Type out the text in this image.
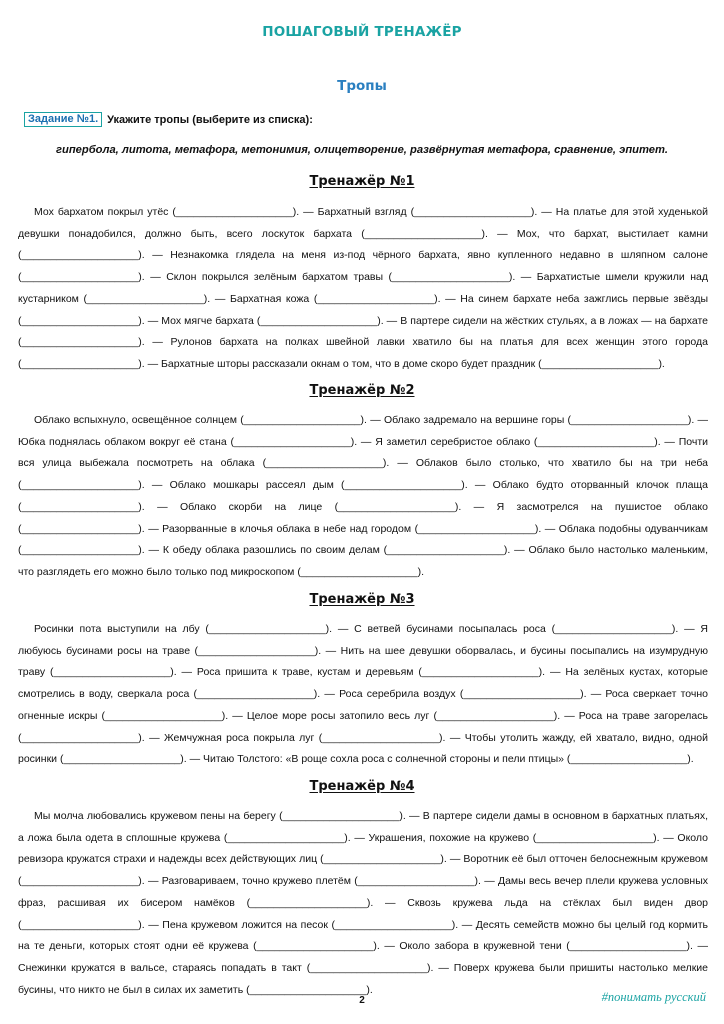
ПОШАГОВЫЙ ТРЕНАЖЁР
Тропы
Задание №1. Укажите тропы (выберите из списка):
гипербола, литота, метафора, метонимия, олицетворение, развёрнутая метафора, сравнение, эпитет.
Тренажёр №1

Мох бархатом покрыл утёс (____________________). — Бархатный взгляд (____________________). — На платье для этой худенькой девушки понадобился, должно быть, всего лоскуток бархата (____________________). — Мох, что бархат, выстилает камни (____________________). — Незнакомка глядела на меня из-под чёрного бархата, явно купленного недавно в шляпном салоне (____________________). — Склон покрылся зелёным бархатом травы (____________________). — Бархатистые шмели кружили над кустарником (____________________). — Бархатная кожа (____________________). — На синем бархате неба зажглись первые звёзды (____________________). — Мох мягче бархата (____________________). — В партере сидели на жёстких стульях, а в ложах — на бархате (____________________). — Рулонов бархата на полках швейной лавки хватило бы на платья для всех женщин этого города (____________________). — Бархатные шторы рассказали окнам о том, что в доме скоро будет праздник (____________________).

Тренажёр №2

Облако вспыхнуло, освещённое солнцем (____________________). — Облако задремало на вершине горы (____________________). — Юбка поднялась облаком вокруг её стана (____________________). — Я заметил серебристое облако (____________________). — Почти вся улица выбежала посмотреть на облака (____________________). — Облаков было столько, что хватило бы на три неба (____________________). — Облако мошкары рассеял дым (____________________). — Облако будто оторванный клочок плаща (____________________). — Облако скорби на лице (____________________). — Я засмотрелся на пушистое облако (____________________). — Разорванные в клочья облака в небе над городом (____________________). — Облака подобны одуванчикам (____________________). — К обеду облака разошлись по своим делам (____________________). — Облако было настолько маленьким, что разглядеть его можно было только под микроскопом (____________________).

Тренажёр №3

Росинки пота выступили на лбу (____________________). — С ветвей бусинами посыпалась роса (____________________). — Я любуюсь бусинами росы на траве (____________________). — Нить на шее девушки оборвалась, и бусины посыпались на изумрудную траву (____________________). — Роса пришита к траве, кустам и деревьям (____________________). — На зелёных кустах, которые смотрелись в воду, сверкала роса (____________________). — Роса серебрила воздух (____________________). — Роса сверкает точно огненные искры (____________________). — Целое море росы затопило весь луг (____________________). — Роса на траве загорелась (____________________). — Жемчужная роса покрыла луг (____________________). — Чтобы утолить жажду, ей хватало, видно, одной росинки (____________________). — Читаю Толстого: «В роще сохла роса с солнечной стороны и пели птицы» (____________________).

Тренажёр №4

Мы молча любовались кружевом пены на берегу (____________________). — В партере сидели дамы в основном в бархатных платьях, а ложа была одета в сплошные кружева (____________________). — Украшения, похожие на кружево (____________________). — Около ревизора кружатся страхи и надежды всех действующих лиц (____________________). — Воротник её был отточен белоснежным кружевом (____________________). — Разговариваем, точно кружево плетём (____________________). — Дамы весь вечер плели кружева условных фраз, расшивая их бисером намёков (____________________). — Сквозь кружева льда на стёклах был виден двор (____________________). — Пена кружевом ложится на песок (____________________). — Десять семейств можно бы целый год кормить на те деньги, которых стоят одни её кружева (____________________). — Около забора в кружевной тени (____________________). — Снежинки кружатся в вальсе, стараясь попадать в такт (____________________). — Поверх кружева были пришиты настолько мелкие бусины, что никто не был в силах их заметить (____________________).

2	#понимать русский
